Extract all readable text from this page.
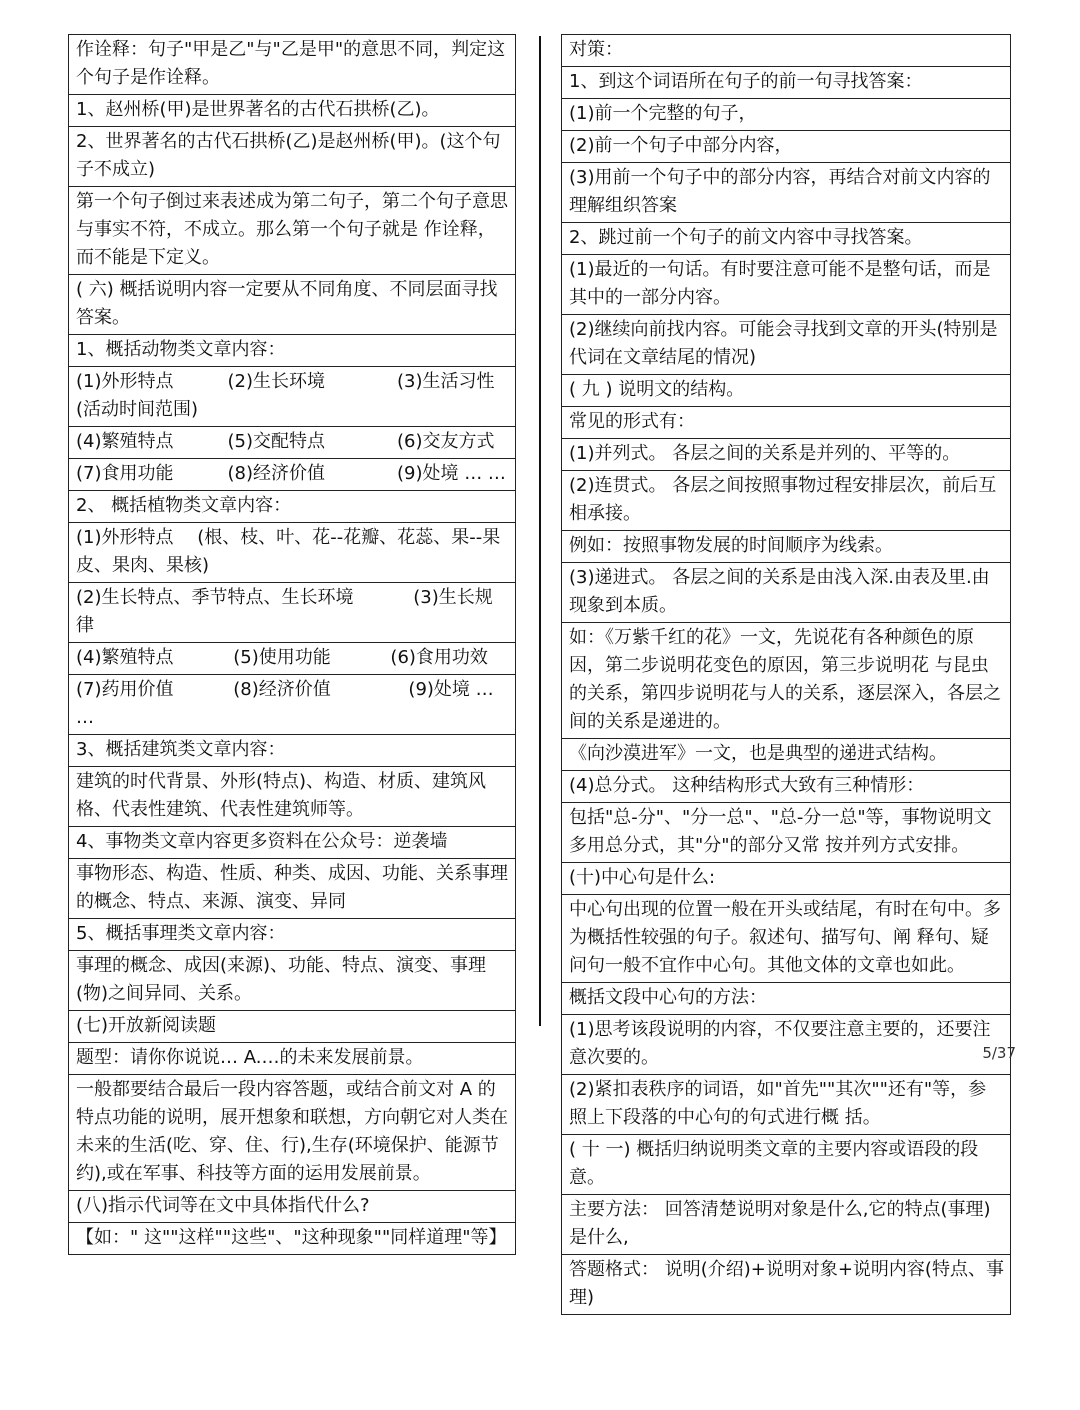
作诠释：句子"甲是乙"与"乙是甲"的意思不同，判定这个句子是作诠释。
1、赵州桥(甲)是世界著名的古代石拱桥(乙)。
2、世界著名的古代石拱桥(乙)是赵州桥(甲)。(这个句子不成立)
第一个句子倒过来表述成为第二句子，第二个句子意思与事实不符，不成立。那么第一个句子就是 作诠释，而不能是下定义。
( 六) 概括说明内容一定要从不同角度、不同层面寻找答案。
1、概括动物类文章内容：
(1)外形特点　　　(2)生长环境　　　　(3)生活习性(活动时间范围)
(4)繁殖特点　　　(5)交配特点　　　　(6)交友方式
(7)食用功能　　　(8)经济价值　　　　(9)处境 … …
2、 概括植物类文章内容：
(1)外形特点　 (根、枝、叶、花--花瓣、花蕊、果--果皮、果肉、果核)
(2)生长特点、季节特点、生长环境　　　 (3)生长规律
(4)繁殖特点　　　 (5)使用功能　　　 (6)食用功效
(7)药用价值　　　 (8)经济价值　　　　 (9)处境 … …
3、概括建筑类文章内容：
建筑的时代背景、外形(特点)、构造、材质、建筑风格、代表性建筑、代表性建筑师等。
4、事物类文章内容更多资料在公众号：逆袭墙
事物形态、构造、性质、种类、成因、功能、关系事理的概念、特点、来源、演变、异同
5、概括事理类文章内容：
事理的概念、成因(来源)、功能、特点、演变、事理(物)之间异同、关系。
(七)开放新阅读题
题型：请你你说说… A.…的未来发展前景。
一般都要结合最后一段内容答题，或结合前文对 A 的特点功能的说明，展开想象和联想，方向朝它对人类在未来的生活(吃、穿、住、行),生存(环境保护、能源节约),或在军事、科技等方面的运用发展前景。
(八)指示代词等在文中具体指代什么?
【如：" 这""这样""这些"、"这种现象""同样道理"等】
对策：
1、到这个词语所在句子的前一句寻找答案：
(1)前一个完整的句子，
(2)前一个句子中部分内容，
(3)用前一个句子中的部分内容，再结合对前文内容的理解组织答案
2、跳过前一个句子的前文内容中寻找答案。
(1)最近的一句话。有时要注意可能不是整句话，而是其中的一部分内容。
(2)继续向前找内容。可能会寻找到文章的开头(特别是代词在文章结尾的情况)
( 九 ) 说明文的结构。
常见的形式有：
(1)并列式。 各层之间的关系是并列的、平等的。
(2)连贯式。 各层之间按照事物过程安排层次，前后互相承接。
例如：按照事物发展的时间顺序为线索。
(3)递进式。 各层之间的关系是由浅入深.由表及里.由现象到本质。
如：《万紫千红的花》一文，先说花有各种颜色的原因，第二步说明花变色的原因，第三步说明花 与昆虫的关系，第四步说明花与人的关系，逐层深入，各层之间的关系是递进的。
《向沙漠进军》一文，也是典型的递进式结构。
(4)总分式。 这种结构形式大致有三种情形：
包括"总-分"、"分一总"、"总-分一总"等，事物说明文多用总分式，其"分"的部分又常 按并列方式安排。
(十)中心句是什么:
中心句出现的位置一般在开头或结尾，有时在句中。多为概括性较强的句子。叙述句、描写句、阐 释句、疑问句一般不宜作中心句。其他文体的文章也如此。
概括文段中心句的方法：
(1)思考该段说明的内容，不仅要注意主要的，还要注意次要的。
(2)紧扣表秩序的词语，如"首先""其次""还有"等，参照上下段落的中心句的句式进行概 括。
( 十 一) 概括归纳说明类文章的主要内容或语段的段意。
主要方法： 回答清楚说明对象是什么,它的特点(事理)是什么,
答题格式： 说明(介绍)+说明对象+说明内容(特点、事理)
5/37
